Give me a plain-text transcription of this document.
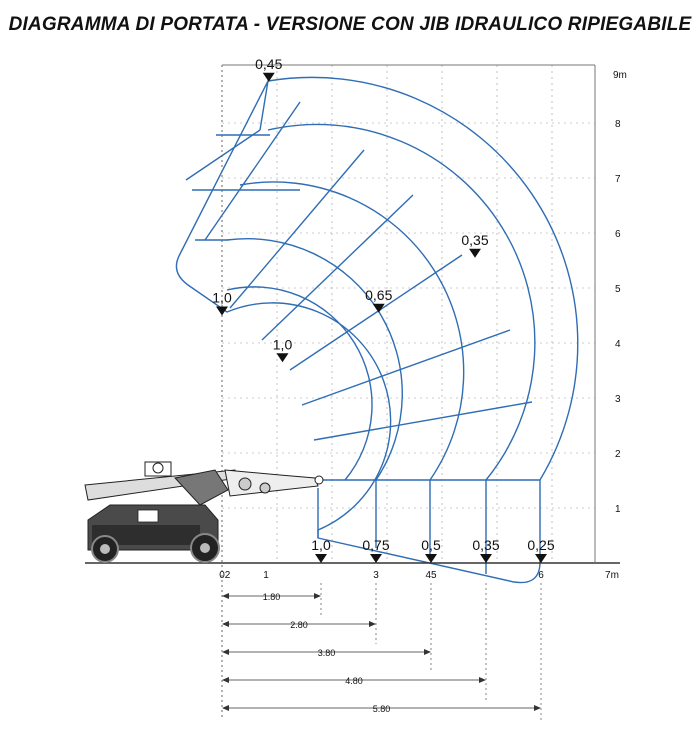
DIAGRAMMA DI PORTATA - VERSIONE CON JIB IDRAULICO RIPIEGABILE
1
2
3
4
5
6
7
8
9m
02	1	3	45	6	7m
0,45
1,0
1,0
0,65
0,35
1,0 0,75 0,5 0,35 0,25
1.80
2.80
3.80
4.80
5.80
